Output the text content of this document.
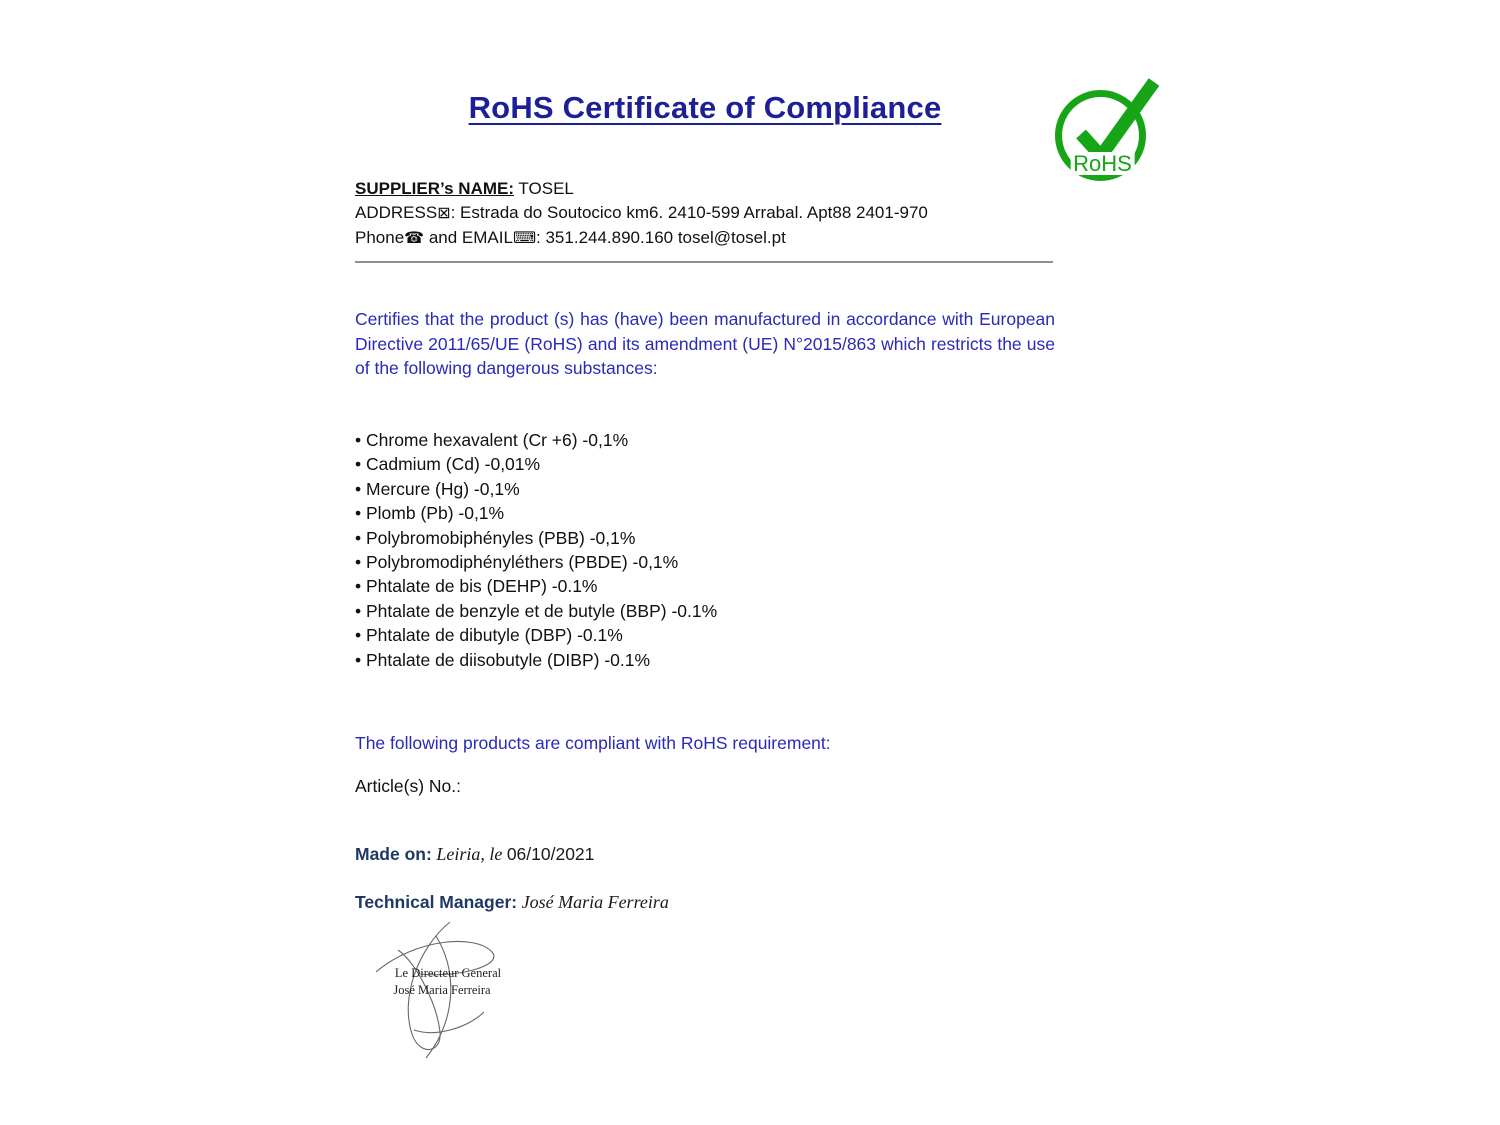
RoHS Certificate of Compliance
RoHS
SUPPLIER’s NAME: TOSEL
ADDRESS⊠: Estrada do Soutocico km6. 2410-599 Arrabal. Apt88 2401-970
Phone☎ and EMAIL⌨: 351.244.890.160 tosel@tosel.pt
Certifies that the product (s) has (have) been manufactured in accordance with European Directive 2011/65/UE (RoHS) and its amendment (UE) N°2015/863 which restricts the use of the following dangerous substances:
• Chrome hexavalent (Cr +6) -0,1%
• Cadmium (Cd) -0,01%
• Mercure (Hg) -0,1%
• Plomb (Pb) -0,1%
• Polybromobiphényles (PBB) -0,1%
• Polybromodiphényléthers (PBDE) -0,1%
• Phtalate de bis (DEHP) -0.1%
• Phtalate de benzyle et de butyle (BBP) -0.1%
• Phtalate de dibutyle (DBP) -0.1%
• Phtalate de diisobutyle (DIBP) -0.1%
The following products are compliant with RoHS requirement:
Article(s) No.:
Made on: Leiria, le 06/10/2021
Technical Manager: José Maria Ferreira
Le Directeur General
José Maria Ferreira
